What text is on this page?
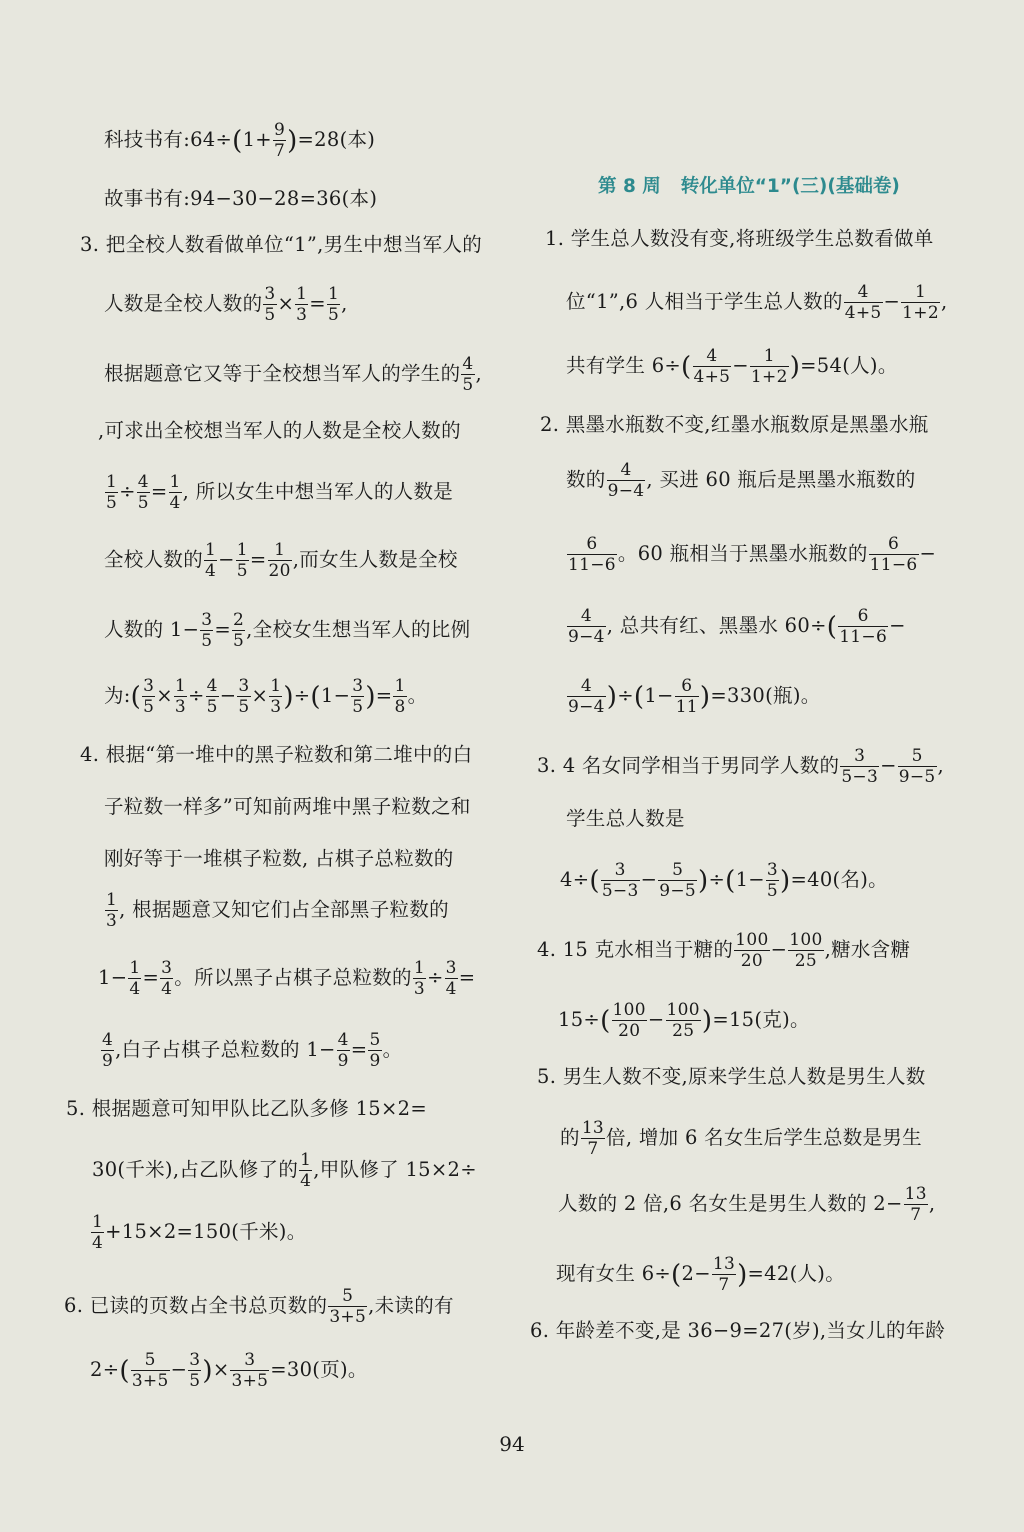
科技书有:64÷(1+ $\frac{9}{7} )=28$(本)
故事书有:94−30−28=36(本)
3. 把全校人数看做单位“1”,男生中想当军人的
人数是全校人数的 $\frac{3}{5} \times \frac{1}{3} = \frac{1}{5}$ ,
根据题意它又等于全校想当军人的学生的 $\frac{4}{5}$ ,
,可求出全校想当军人的人数是全校人数的
$\frac{1}{5} \div \frac{4}{5} = \frac{1}{4}$ , 所以女生中想当军人的人数是
全校人数的 $\frac{1}{4} - \frac{1}{5} = \frac{1}{20}$ ,而女生人数是全校
人数的 $1- \frac{3}{5} = \frac{2}{5}$ ,全校女生想当军人的比例
为:( $\frac{3}{5} \times \frac{1}{3} \div \frac{4}{5} - \frac{3}{5} \times \frac{1}{3} )\div(1- \frac{3}{5}$ )= $\frac{1}{8}$ 。
4. 根据“第一堆中的黑子粒数和第二堆中的白
子粒数一样多”可知前两堆中黑子粒数之和
刚好等于一堆棋子粒数, 占棋子总粒数的
$\frac{1}{3}$ , 根据题意又知它们占全部黑子粒数的
$1- \frac{1}{4} = \frac{3}{4}$ 。所以黑子占棋子总粒数的 $\frac{1}{3} \div \frac{3}{4}$ =
$\frac{4}{9}$ ,白子占棋子总粒数的 $1- \frac{4}{9} = \frac{5}{9}$ 。
5. 根据题意可知甲队比乙队多修 15×2=
30(千米),占乙队修了的 $\frac{1}{4}$ ,甲队修了 15×2÷
$\frac{1}{4} +15\times 2=150$(千米)。
6. 已读的页数占全书总页数的 $\frac{5}{3+5}$ ,未读的有
$2\div( \frac{5}{3+5} - \frac{3}{5}$ )× $\frac{3}{3+5} =30$(页)。
第 8 周 转化单位“1”(三)(基础卷)
1. 学生总人数没有变,将班级学生总数看做单
位“1”,6 人相当于学生总人数的 $\frac{4}{4+5} - \frac{1}{1+2}$ ,
共有学生 $6\div( \frac{4}{4+5} - \frac{1}{1+2} )=54$(人)。
2. 黑墨水瓶数不变,红墨水瓶数原是黑墨水瓶
数的 $\frac{4}{9-4}$ , 买进 60 瓶后是黑墨水瓶数的
$\frac{6}{11-6}$ 。60 瓶相当于黑墨水瓶数的 $\frac{6}{11-6}$ −
$\frac{4}{9-4}$ , 总共有红、黑墨水 $60\div( \frac{6}{11-6}$ −
$\frac{4}{9-4} )\div(1- \frac{6}{11} )=330$(瓶)。
3. 4 名女同学相当于男同学人数的 $\frac{3}{5-3} - \frac{5}{9-5}$ ,
学生总人数是
$4\div( \frac{3}{5-3} - \frac{5}{9-5} )\div(1- \frac{3}{5} )=40$(名)。
4. 15 克水相当于糖的 $\frac{100}{20} - \frac{100}{25}$ ,糖水含糖
$15\div( \frac{100}{20} - \frac{100}{25} )=15$(克)。
5. 男生人数不变,原来学生总人数是男生人数
的 $\frac{13}{7}$ 倍, 增加 6 名女生后学生总数是男生
人数的 2 倍,6 名女生是男生人数的 $2- \frac{13}{7}$ ,
现有女生 $6\div(2- \frac{13}{7} )=42$(人)。
6. 年龄差不变,是 36−9=27(岁),当女儿的年龄
94
